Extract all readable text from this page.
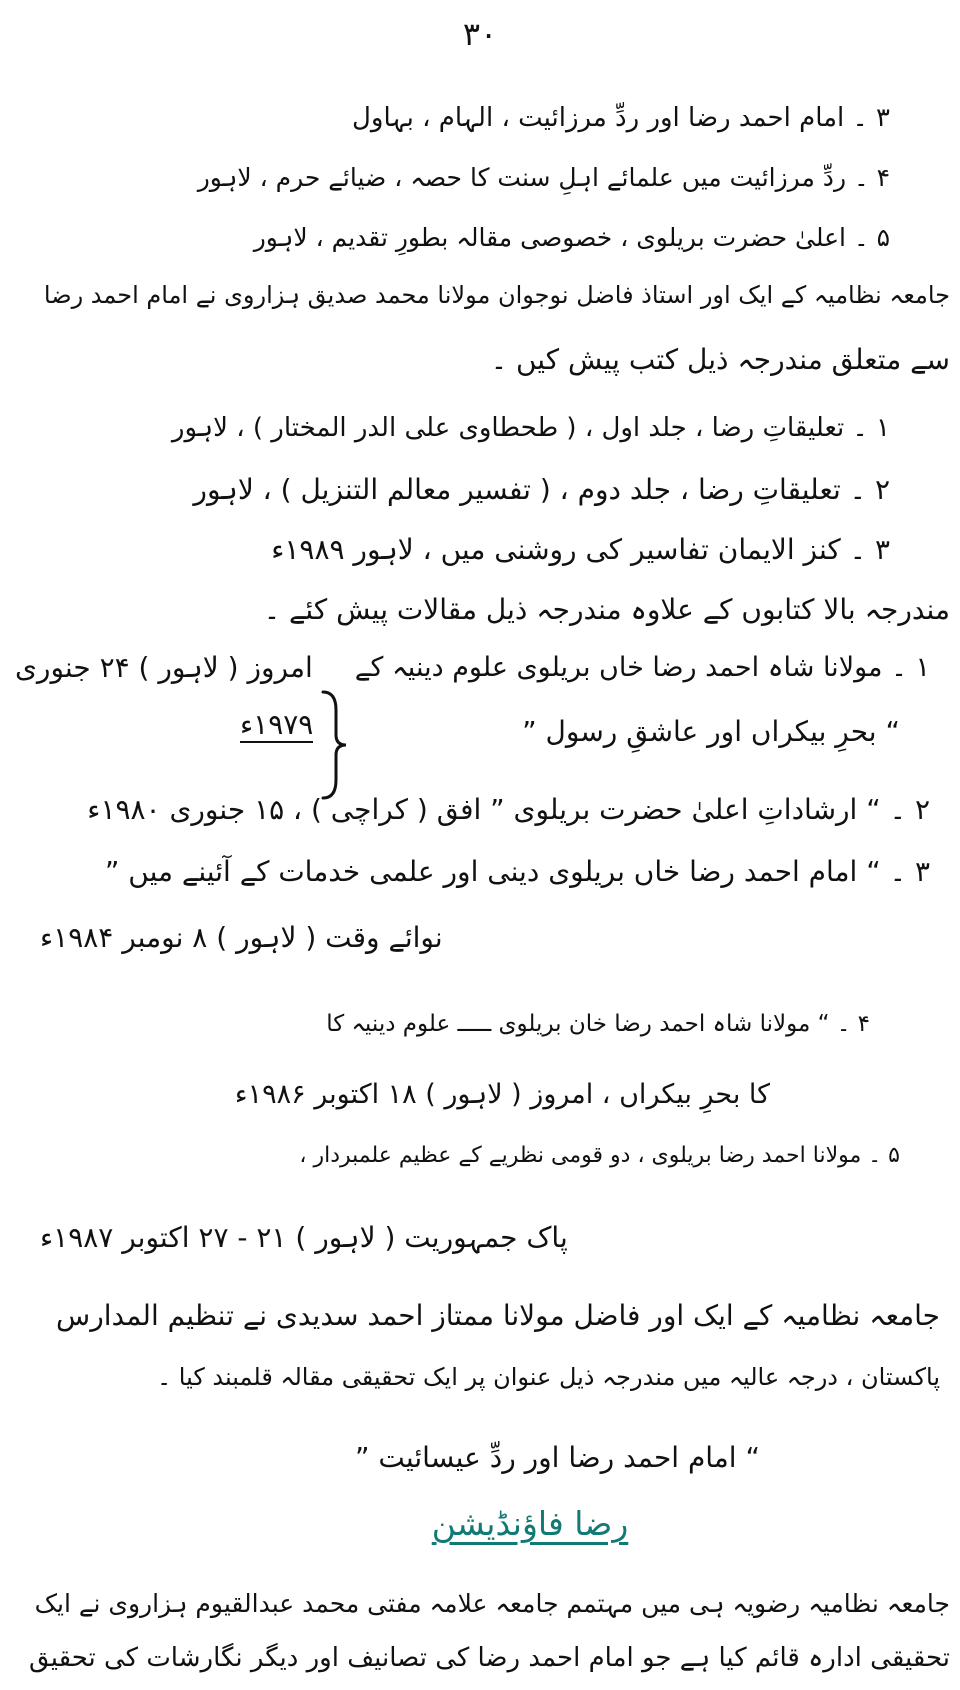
۳۰
۳ ۔ امام احمد رضا اور ردِّ مرزائیت ، الہام ، بہاول
۴ ۔ ردِّ مرزائیت میں علمائے اہلِ سنت کا حصہ ، ضیائے حرم ، لاہور
۵ ۔ اعلیٰ حضرت بریلوی ، خصوصی مقالہ بطورِ تقدیم ، لاہور
جامعہ نظامیہ کے ایک اور استاذ فاضل نوجوان مولانا محمد صدیق ہزاروی نے امام احمد رضا
سے متعلق مندرجہ ذیل کتب پیش کیں ۔
۱ ۔ تعلیقاتِ رضا ، جلد اول ، ( طحطاوی علی الدر المختار ) ، لاہور
۲ ۔ تعلیقاتِ رضا ، جلد دوم ، ( تفسیر معالم التنزیل ) ، لاہور
۳ ۔ کنز الایمان تفاسیر کی روشنی میں ، لاہور ۱۹۸۹ء
مندرجہ بالا کتابوں کے علاوہ مندرجہ ذیل مقالات پیش کئے ۔
۱ ۔ مولانا شاہ احمد رضا خاں بریلوی علوم دینیہ کے
امروز ( لاہور ) ۲۴ جنوری
“ بحرِ بیکراں اور عاشقِ رسول ”
۱۹۷۹ء
۲ ۔ “ ارشاداتِ اعلیٰ حضرت بریلوی ” افق ( کراچی ) ، ۱۵ جنوری ۱۹۸۰ء
۳ ۔ “ امام احمد رضا خاں بریلوی دینی اور علمی خدمات کے آئینے میں ”
نوائے وقت ( لاہور ) ۸ نومبر ۱۹۸۴ء
۴ ۔ “ مولانا شاہ احمد رضا خان بریلوی ـــــ علوم دینیہ کا
کا بحرِ بیکراں ، امروز ( لاہور ) ۱۸ اکتوبر ۱۹۸۶ء
۵ ۔ مولانا احمد رضا بریلوی ، دو قومی نظریے کے عظیم علمبردار ،
پاک جمہوریت ( لاہور ) ۲۱ - ۲۷ اکتوبر ۱۹۸۷ء
جامعہ نظامیہ کے ایک اور فاضل مولانا ممتاز احمد سدیدی نے تنظیم المدارس
پاکستان ، درجہ عالیہ میں مندرجہ ذیل عنوان پر ایک تحقیقی مقالہ قلمبند کیا ۔
“ امام احمد رضا اور ردِّ عیسائیت ”
رضا فاؤنڈیشن
جامعہ نظامیہ رضویہ ہی میں مہتمم جامعہ علامہ مفتی محمد عبدالقیوم ہزاروی نے ایک
تحقیقی ادارہ قائم کیا ہے جو امام احمد رضا کی تصانیف اور دیگر نگارشات کی تحقیق
